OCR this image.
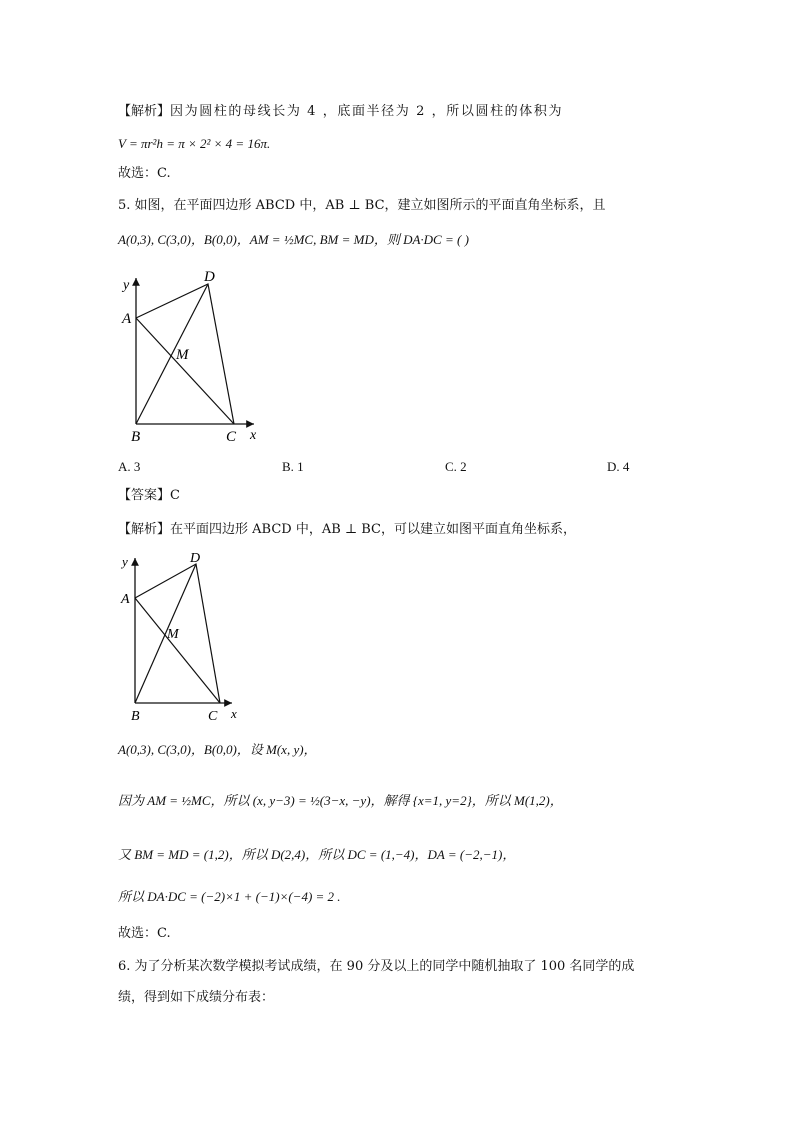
【解析】因为圆柱的母线长为 4 ，底面半径为 2 ，所以圆柱的体积为
V = πr²h = π × 2² × 4 = 16π.
故选：C.
5. 如图，在平面四边形 ABCD 中，AB ⊥ BC，建立如图所示的平面直角坐标系，且
A(0,3), C(3,0)，B(0,0)，AM = ½MC, BM = MD，则 DA·DC = ( )
y
A
D
M
B	C x
A. 3	B. 1	C. 2	D. 4
【答案】C
【解析】在平面四边形 ABCD 中，AB ⊥ BC，可以建立如图平面直角坐标系，
y
A
D
M
B	C x
A(0,3), C(3,0)，B(0,0)，设 M(x, y)，
因为 AM = ½MC，所以 (x, y−3) = ½(3−x, −y)，解得 {x=1, y=2}，所以 M(1,2)，
又 BM = MD = (1,2)，所以 D(2,4)，所以 DC = (1,−4)，DA = (−2,−1)，
所以 DA·DC = (−2)×1 + (−1)×(−4) = 2 .
故选：C.
6. 为了分析某次数学模拟考试成绩，在 90 分及以上的同学中随机抽取了 100 名同学的成
绩，得到如下成绩分布表：
